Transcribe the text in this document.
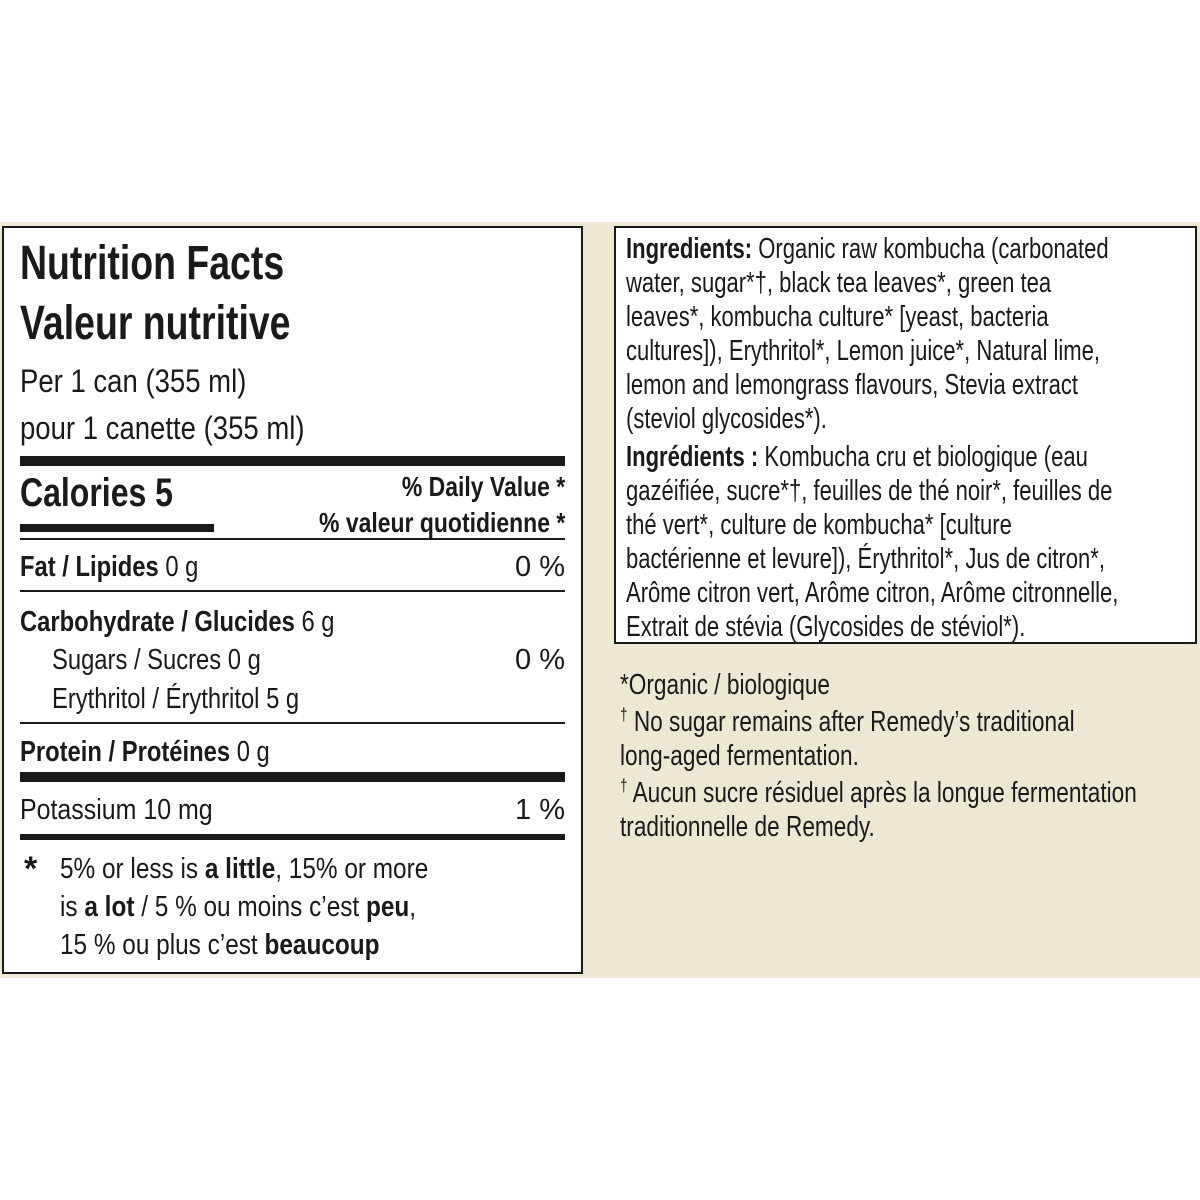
Nutrition Facts
Valeur nutritive
Per 1 can (355 ml)
pour 1 canette (355 ml)
Calories 5	% Daily Value *
% valeur quotidienne *
Fat / Lipides 0 g	0 %
Carbohydrate / Glucides 6 g
Sugars / Sucres 0 g	0 %
Erythritol / Érythritol 5 g
Protein / Protéines 0 g
Potassium 10 mg	1 %
* 5% or less is a little, 15% or more
is a lot / 5 % ou moins c’est peu,
15 % ou plus c’est beaucoup
Ingredients: Organic raw kombucha (carbonated
water, sugar*†, black tea leaves*, green tea
leaves*, kombucha culture* [yeast, bacteria
cultures]), Erythritol*, Lemon juice*, Natural lime,
lemon and lemongrass flavours, Stevia extract
(steviol glycosides*).
Ingrédients : Kombucha cru et biologique (eau
gazéifiée, sucre*†, feuilles de thé noir*, feuilles de
thé vert*, culture de kombucha* [culture
bactérienne et levure]), Érythritol*, Jus de citron*,
Arôme citron vert, Arôme citron, Arôme citronnelle,
Extrait de stévia (Glycosides de stéviol*).
*Organic / biologique
† No sugar remains after Remedy’s traditional
long-aged fermentation.
† Aucun sucre résiduel après la longue fermentation
traditionnelle de Remedy.
